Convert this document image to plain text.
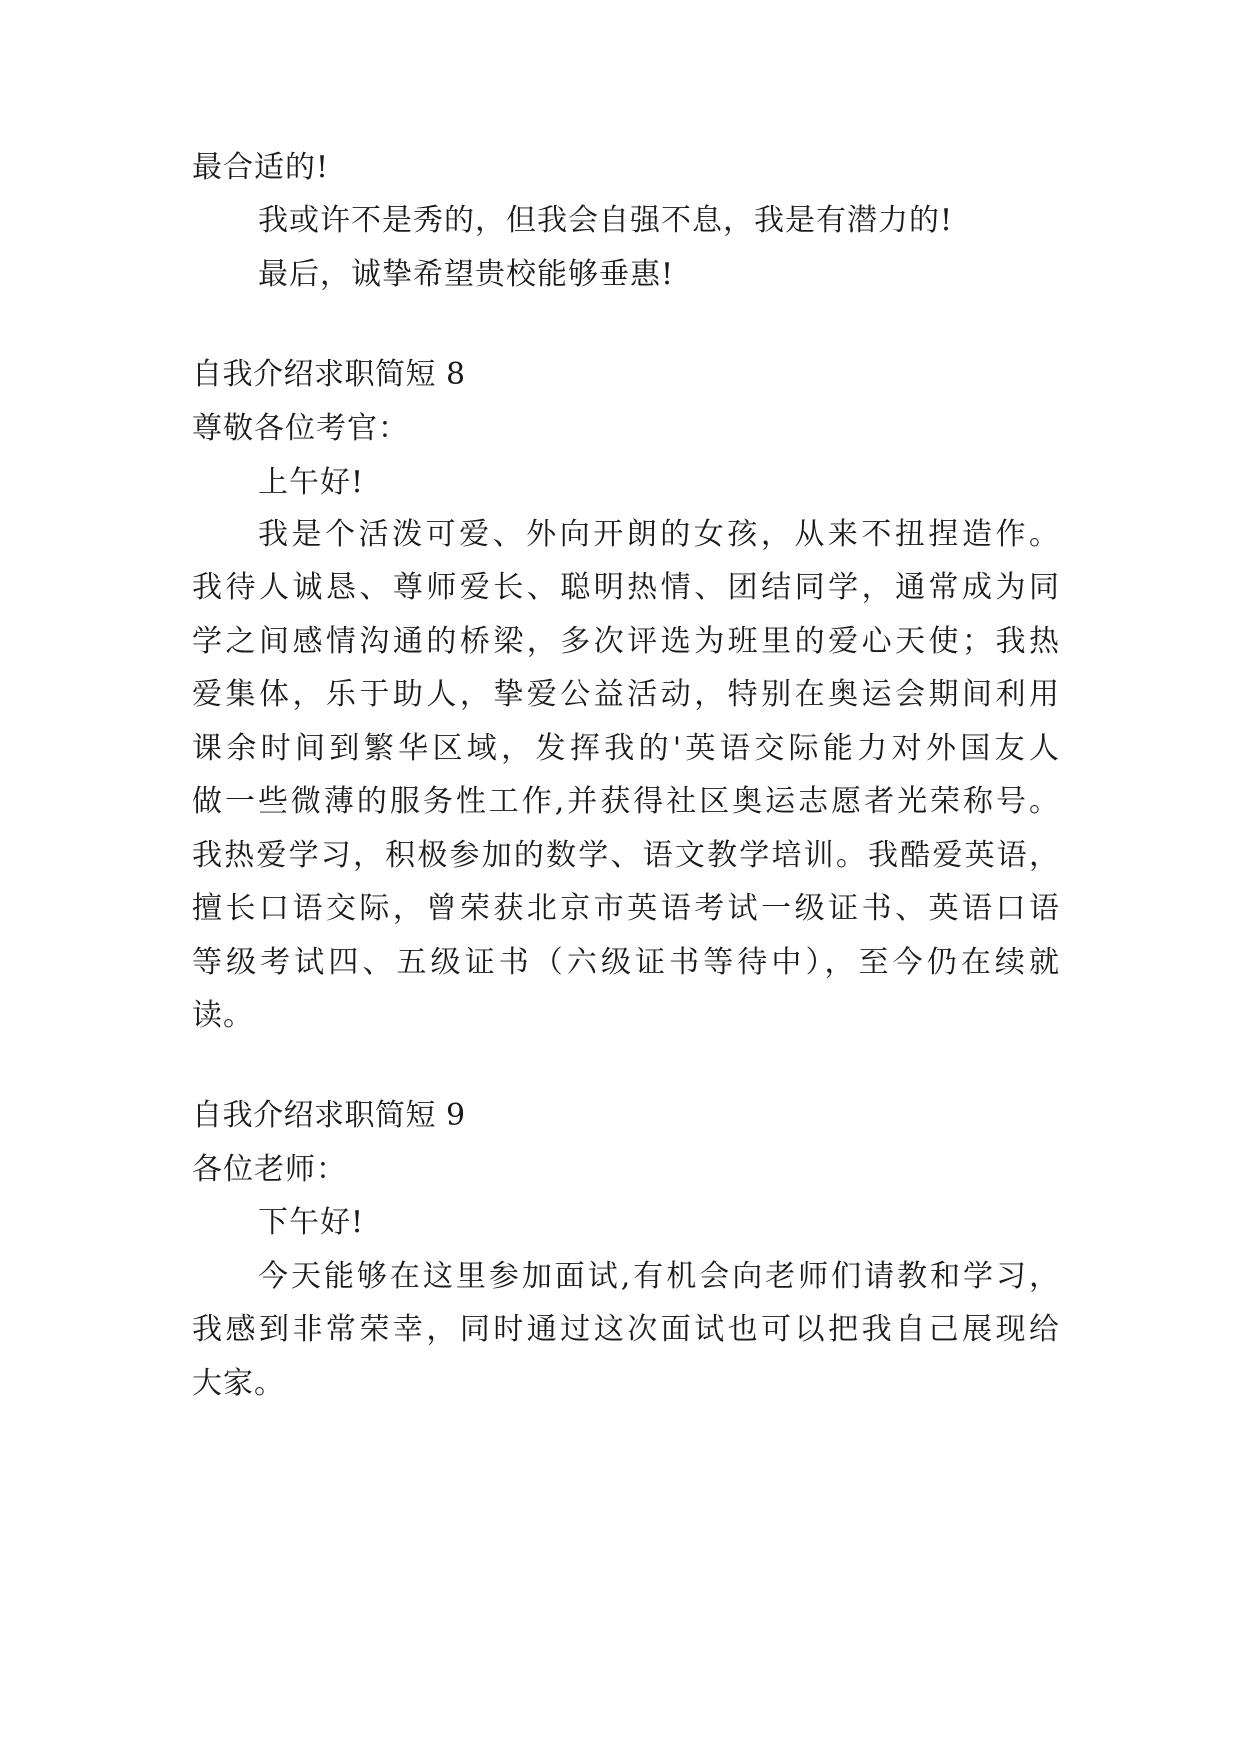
最合适的!

我或许不是秀的，但我会自强不息，我是有潜力的!

最后，诚挚希望贵校能够垂惠!

自我介绍求职简短 8

尊敬各位考官：

上午好!

我是个活泼可爱、外向开朗的女孩，从来不扭捏造作。

我待人诚恳、尊师爱长、聪明热情、团结同学，通常成为同

学之间感情沟通的桥梁，多次评选为班里的爱心天使；我热

爱集体，乐于助人，挚爱公益活动，特别在奥运会期间利用

课余时间到繁华区域，发挥我的'英语交际能力对外国友人

做一些微薄的服务性工作,并获得社区奥运志愿者光荣称号。

我热爱学习，积极参加的数学、语文教学培训。我酷爱英语，

擅长口语交际，曾荣获北京市英语考试一级证书、英语口语

等级考试四、五级证书（六级证书等待中），至今仍在续就

读。

自我介绍求职简短 9

各位老师：

下午好!

今天能够在这里参加面试,有机会向老师们请教和学习，

我感到非常荣幸，同时通过这次面试也可以把我自己展现给

大家。
